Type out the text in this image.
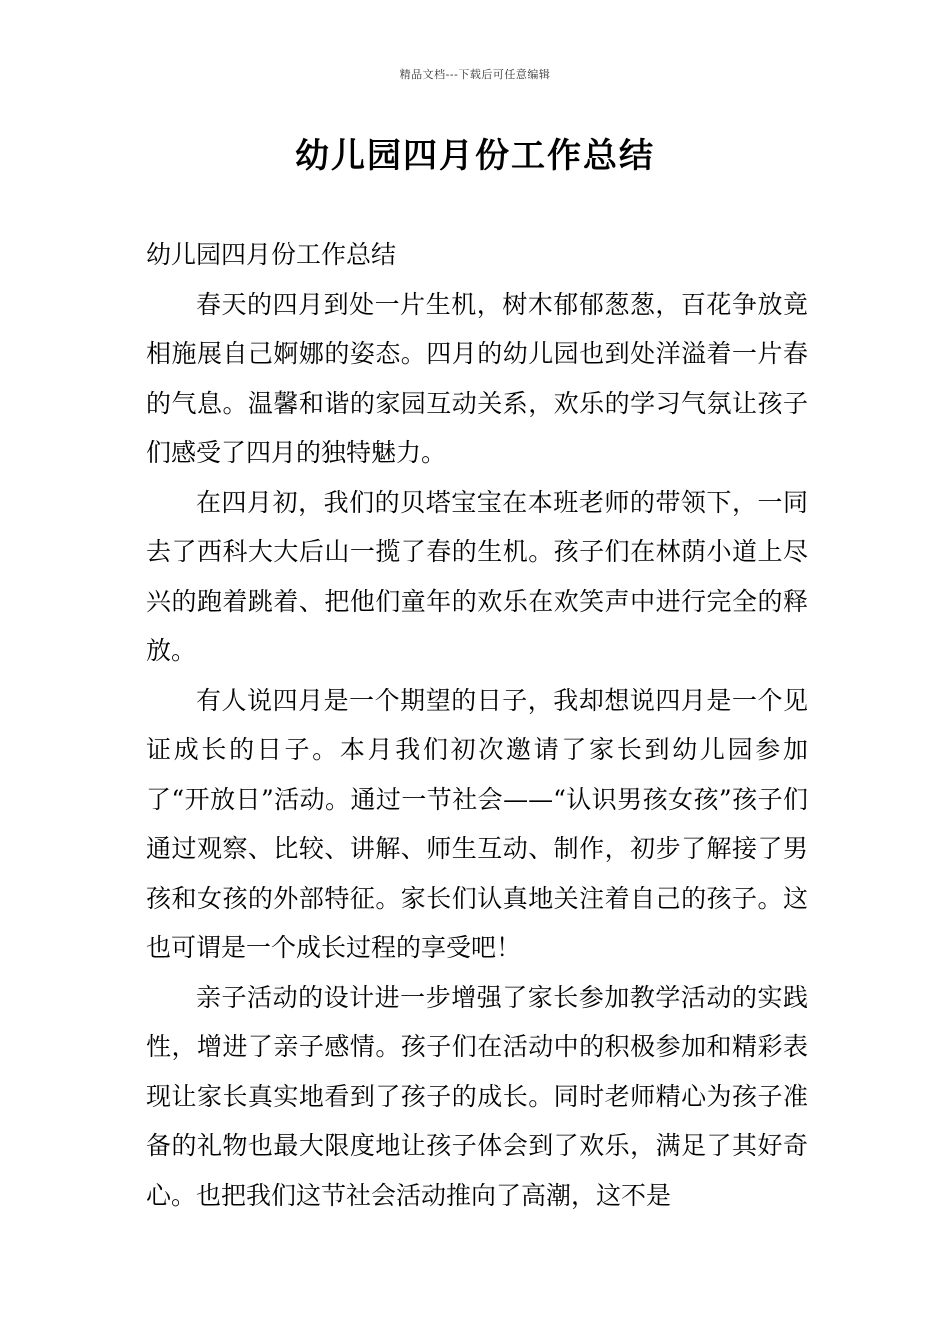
精品文档---下载后可任意编辑
幼儿园四月份工作总结

幼儿园四月份工作总结

春天的四月到处一片生机，树木郁郁葱葱，百花争放竟相施展自己婀娜的姿态。四月的幼儿园也到处洋溢着一片春的气息。温馨和谐的家园互动关系，欢乐的学习气氛让孩子们感受了四月的独特魅力。

在四月初，我们的贝塔宝宝在本班老师的带领下，一同去了西科大大后山一揽了春的生机。孩子们在林荫小道上尽兴的跑着跳着、把他们童年的欢乐在欢笑声中进行完全的释放。

有人说四月是一个期望的日子，我却想说四月是一个见证成长的日子。本月我们初次邀请了家长到幼儿园参加了“开放日”活动。通过一节社会——“认识男孩女孩”孩子们通过观察、比较、讲解、师生互动、制作，初步了解接了男孩和女孩的外部特征。家长们认真地关注着自己的孩子。这也可谓是一个成长过程的享受吧！

亲子活动的设计进一步增强了家长参加教学活动的实践性，增进了亲子感情。孩子们在活动中的积极参加和精彩表现让家长真实地看到了孩子的成长。同时老师精心为孩子准备的礼物也最大限度地让孩子体会到了欢乐，满足了其好奇心。也把我们这节社会活动推向了高潮，这不是
